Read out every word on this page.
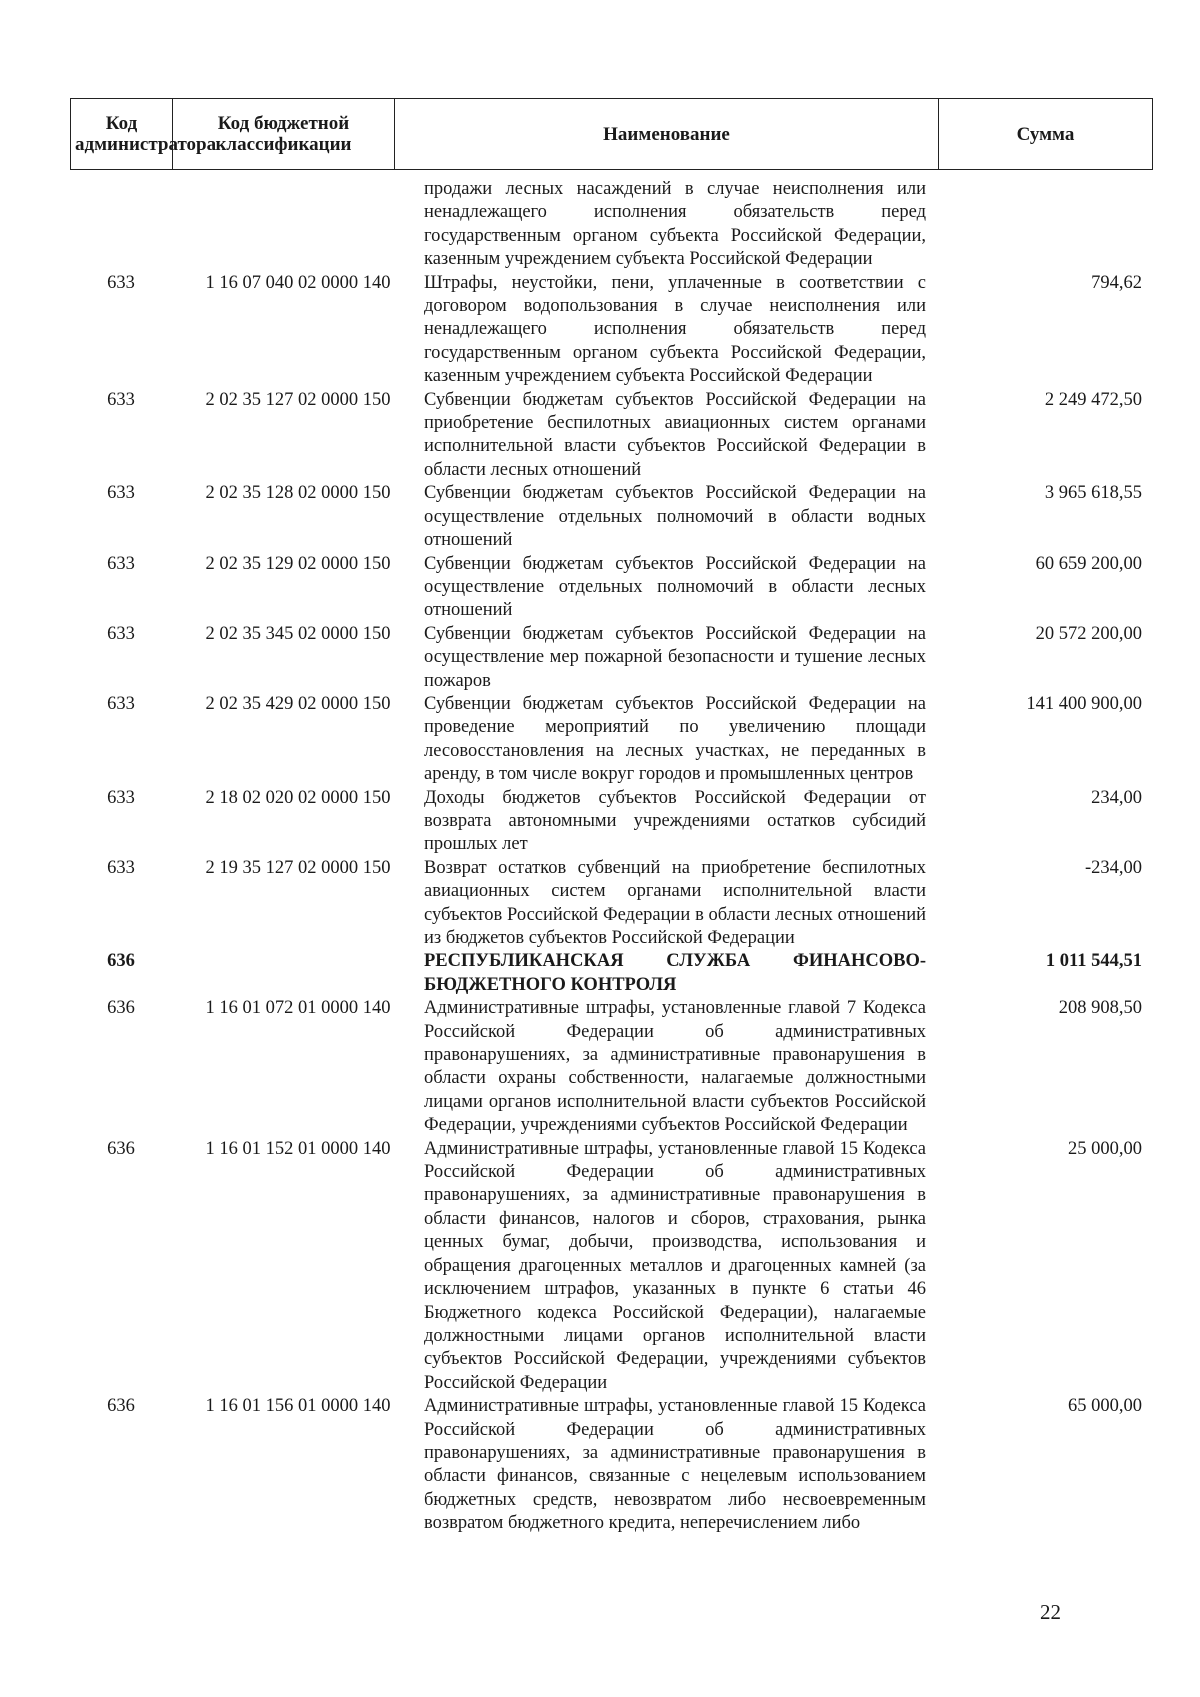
Код администратора	Код бюджетной классификации	Наименование	Сумма
		продажи лесных насаждений в случае неисполнения или ненадлежащего исполнения обязательств перед государственным органом субъекта Российской Федерации, казенным учреждением субъекта Российской Федерации	
633	1 16 07 040 02 0000 140	Штрафы, неустойки, пени, уплаченные в соответствии с договором водопользования в случае неисполнения или ненадлежащего исполнения обязательств перед государственным органом субъекта Российской Федерации, казенным учреждением субъекта Российской Федерации	794,62
633	2 02 35 127 02 0000 150	Субвенции бюджетам субъектов Российской Федерации на приобретение беспилотных авиационных систем органами исполнительной власти субъектов Российской Федерации в области лесных отношений	2 249 472,50
633	2 02 35 128 02 0000 150	Субвенции бюджетам субъектов Российской Федерации на осуществление отдельных полномочий в области водных отношений	3 965 618,55
633	2 02 35 129 02 0000 150	Субвенции бюджетам субъектов Российской Федерации на осуществление отдельных полномочий в области лесных отношений	60 659 200,00
633	2 02 35 345 02 0000 150	Субвенции бюджетам субъектов Российской Федерации на осуществление мер пожарной безопасности и тушение лесных пожаров	20 572 200,00
633	2 02 35 429 02 0000 150	Субвенции бюджетам субъектов Российской Федерации на проведение мероприятий по увеличению площади лесовосстановления на лесных участках, не переданных в аренду, в том числе вокруг городов и промышленных центров	141 400 900,00
633	2 18 02 020 02 0000 150	Доходы бюджетов субъектов Российской Федерации от возврата автономными учреждениями остатков субсидий прошлых лет	234,00
633	2 19 35 127 02 0000 150	Возврат остатков субвенций на приобретение беспилотных авиационных систем органами исполнительной власти субъектов Российской Федерации в области лесных отношений из бюджетов субъектов Российской Федерации	-234,00
636		РЕСПУБЛИКАНСКАЯ СЛУЖБА ФИНАНСОВО-БЮДЖЕТНОГО КОНТРОЛЯ	1 011 544,51
636	1 16 01 072 01 0000 140	Административные штрафы, установленные главой 7 Кодекса Российской Федерации об административных правонарушениях, за административные правонарушения в области охраны собственности, налагаемые должностными лицами органов исполнительной власти субъектов Российской Федерации, учреждениями субъектов Российской Федерации	208 908,50
636	1 16 01 152 01 0000 140	Административные штрафы, установленные главой 15 Кодекса Российской Федерации об административных правонарушениях, за административные правонарушения в области финансов, налогов и сборов, страхования, рынка ценных бумаг, добычи, производства, использования и обращения драгоценных металлов и драгоценных камней (за исключением штрафов, указанных в пункте 6 статьи 46 Бюджетного кодекса Российской Федерации), налагаемые должностными лицами органов исполнительной власти субъектов Российской Федерации, учреждениями субъектов Российской Федерации	25 000,00
636	1 16 01 156 01 0000 140	Административные штрафы, установленные главой 15 Кодекса Российской Федерации об административных правонарушениях, за административные правонарушения в области финансов, связанные с нецелевым использованием бюджетных средств, невозвратом либо несвоевременным возвратом бюджетного кредита, неперечислением либо	65 000,00
22
